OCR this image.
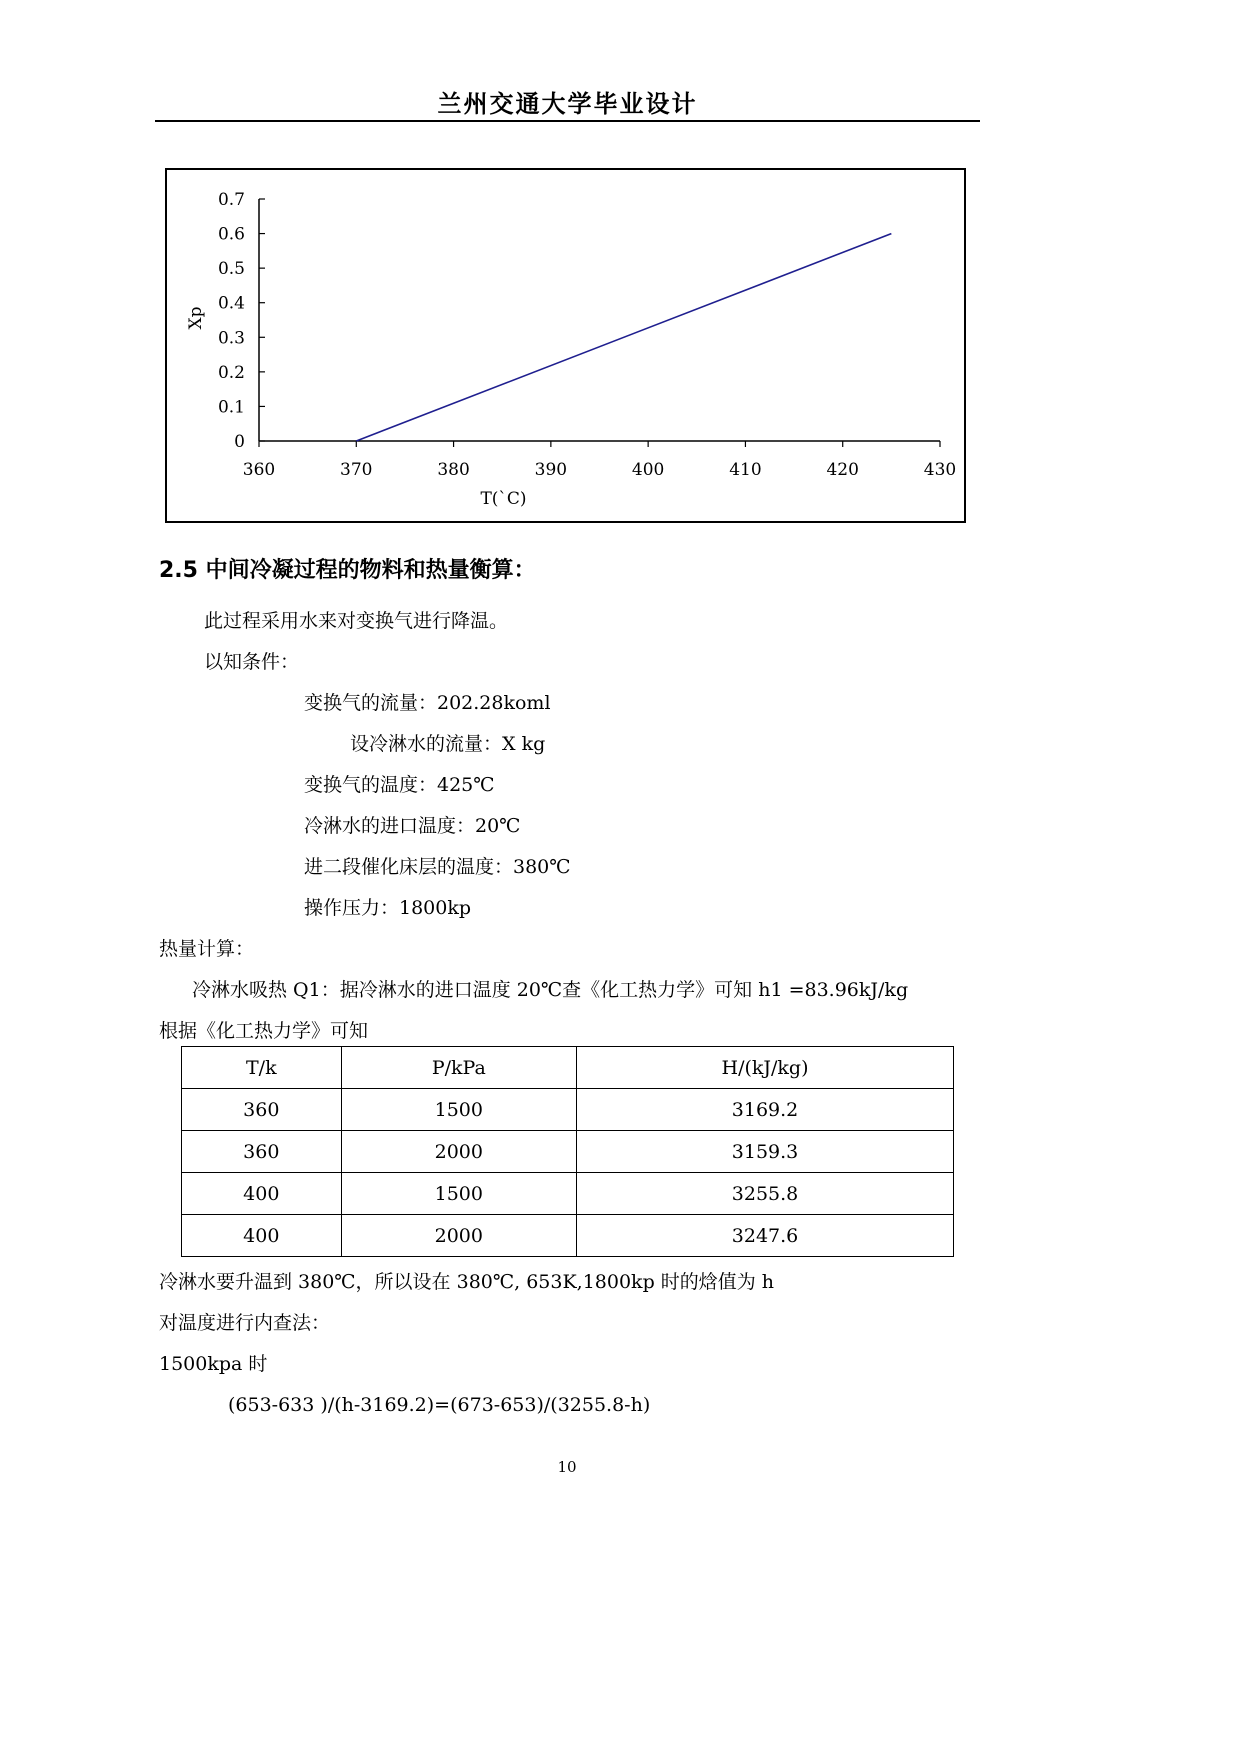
兰州交通大学毕业设计
0
0.1
0.2
0.3
0.4
0.5
0.6
0.7
360	370	380	390	400	410	420	430
T(`C)
Xp
2.5 中间冷凝过程的物料和热量衡算：
此过程采用水来对变换气进行降温。
以知条件：
变换气的流量：202.28koml
设冷淋水的流量：X kg
变换气的温度：425℃
冷淋水的进口温度：20℃
进二段催化床层的温度：380℃
操作压力：1800kp
热量计算：
冷淋水吸热 Q1：据冷淋水的进口温度 20℃查《化工热力学》可知 h1 =83.96kJ/kg
根据《化工热力学》可知
T/k	P/kPa	H/(kJ/kg)
360	1500	3169.2
360	2000	3159.3
400	1500	3255.8
400	2000	3247.6
冷淋水要升温到 380℃，所以设在 380℃, 653K,1800kp 时的焓值为 h
对温度进行内查法：
1500kpa 时
(653-633 )/(h-3169.2)=(673-653)/(3255.8-h)
10
